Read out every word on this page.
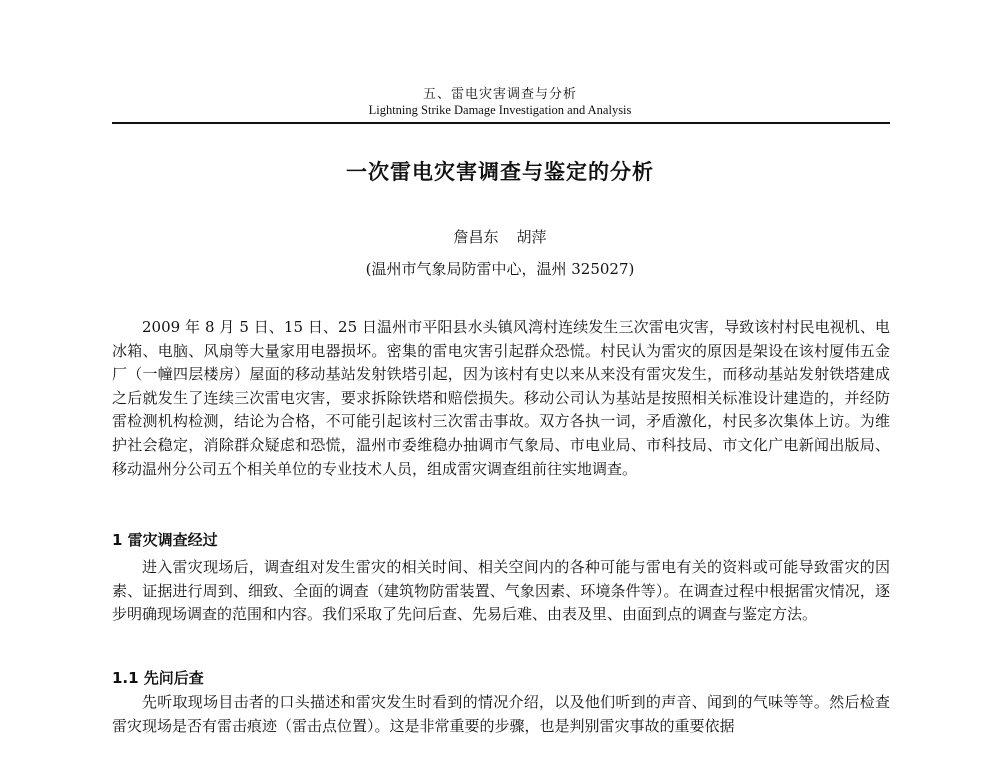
五、雷电灾害调查与分析
Lightning Strike Damage Investigation and Analysis
一次雷电灾害调查与鉴定的分析
詹昌东 胡萍
(温州市气象局防雷中心，温州 325027)

2009 年 8 月 5 日、15 日、25 日温州市平阳县水头镇风湾村连续发生三次雷电灾害，导致该村村民电视机、电冰箱、电脑、风扇等大量家用电器损坏。密集的雷电灾害引起群众恐慌。村民认为雷灾的原因是架设在该村厦伟五金厂（一幢四层楼房）屋面的移动基站发射铁塔引起，因为该村有史以来从来没有雷灾发生，而移动基站发射铁塔建成之后就发生了连续三次雷电灾害，要求拆除铁塔和赔偿损失。移动公司认为基站是按照相关标准设计建造的，并经防雷检测机构检测，结论为合格，不可能引起该村三次雷击事故。双方各执一词，矛盾激化，村民多次集体上访。为维护社会稳定，消除群众疑虑和恐慌，温州市委维稳办抽调市气象局、市电业局、市科技局、市文化广电新闻出版局、移动温州分公司五个相关单位的专业技术人员，组成雷灾调查组前往实地调查。

1 雷灾调查经过

进入雷灾现场后，调查组对发生雷灾的相关时间、相关空间内的各种可能与雷电有关的资料或可能导致雷灾的因素、证据进行周到、细致、全面的调查（建筑物防雷装置、气象因素、环境条件等）。在调查过程中根据雷灾情况，逐步明确现场调查的范围和内容。我们采取了先问后查、先易后难、由表及里、由面到点的调查与鉴定方法。

1.1 先问后查

先听取现场目击者的口头描述和雷灾发生时看到的情况介绍，以及他们听到的声音、闻到的气味等等。然后检查雷灾现场是否有雷击痕迹（雷击点位置）。这是非常重要的步骤，也是判别雷灾事故的重要依据
